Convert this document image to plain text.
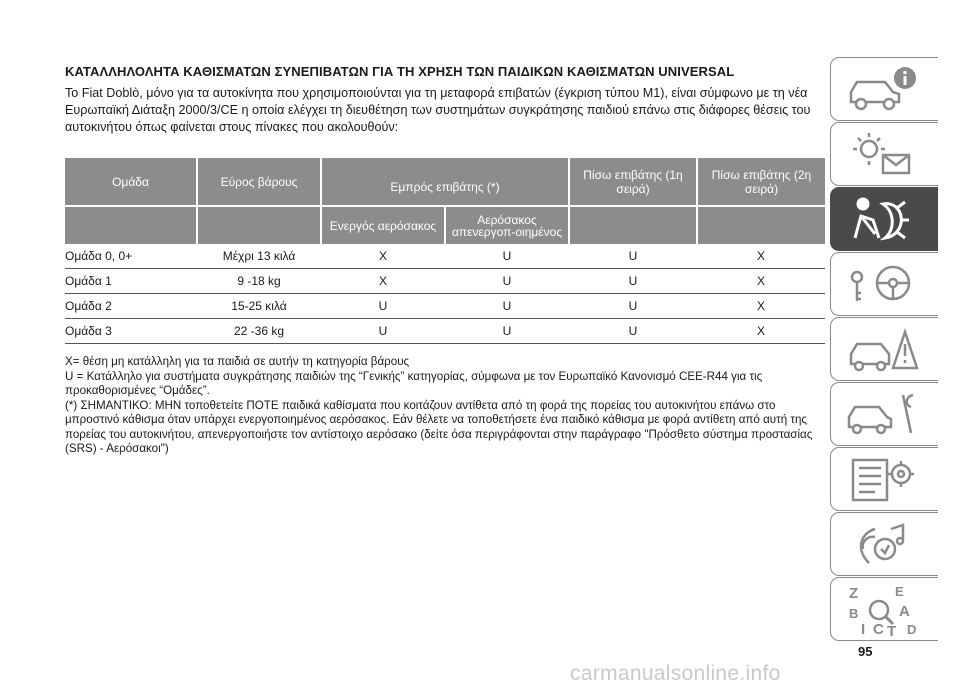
ΚΑΤΑΛΛΗΛΟΛΗΤΑ ΚΑΘΙΣΜΑΤΩΝ ΣΥΝΕΠΙΒΑΤΩΝ ΓΙΑ ΤΗ ΧΡΗΣΗ ΤΩΝ ΠΑΙΔΙΚΩΝ ΚΑΘΙΣΜΑΤΩΝ UNIVERSAL

Το Fiat Doblò, μόνο για τα αυτοκίνητα που χρησιμοποιούνται για τη μεταφορά επιβατών (έγκριση τύπου M1), είναι σύμφωνο με τη νέα Ευρωπαϊκή Διάταξη 2000/3/CE η οποία ελέγχει τη διευθέτηση των συστημάτων συγκράτησης παιδιού επάνω στις διάφορες θέσεις του αυτοκινήτου όπως φαίνεται στους πίνακες που ακολουθούν:

Ομάδα	Εύρος βάρους	Εμπρός επιβάτης (*)		Πίσω επιβάτης (1η σειρά)	Πίσω επιβάτης (2η σειρά)
		Ενεργός αερόσακος	Αερόσακος απενεργοπ-οιημένος		
Ομάδα 0, 0+	Μέχρι 13 κιλά	X	U	U	X
Ομάδα 1	9 -18 kg	X	U	U	X
Ομάδα 2	15-25 κιλά	U	U	U	X
Ομάδα 3	22 -36 kg	U	U	U	X

X= θέση μη κατάλληλη για τα παιδιά σε αυτήν τη κατηγορία βάρους

U = Κατάλληλο για συστήματα συγκράτησης παιδιών της “Γενικής” κατηγορίας, σύμφωνα με τον Ευρωπαϊκό Κανονισμό CEE-R44 για τις προκαθορισμένες “Ομάδες”.

(*) ΣΗΜΑΝΤΙΚΟ: ΜΗΝ τοποθετείτε ΠΟΤΕ παιδικά καθίσματα που κοιτάζουν αντίθετα από τη φορά της πορείας του αυτοκινήτου επάνω στο μπροστινό κάθισμα όταν υπάρχει ενεργοποιημένος αερόσακος. Εάν θέλετε να τοποθετήσετε ένα παιδικό κάθισμα με φορά αντίθετη από αυτή της πορείας του αυτοκινήτου, απενεργοποιήστε τον αντίστοιχο αερόσακο (δείτε όσα περιγράφονται στην παράγραφο "Πρόσθετο σύστημα προστασίας (SRS) - Αερόσακοι")

Z	E
B	A
I C T D
95
carmanualsonline.info
